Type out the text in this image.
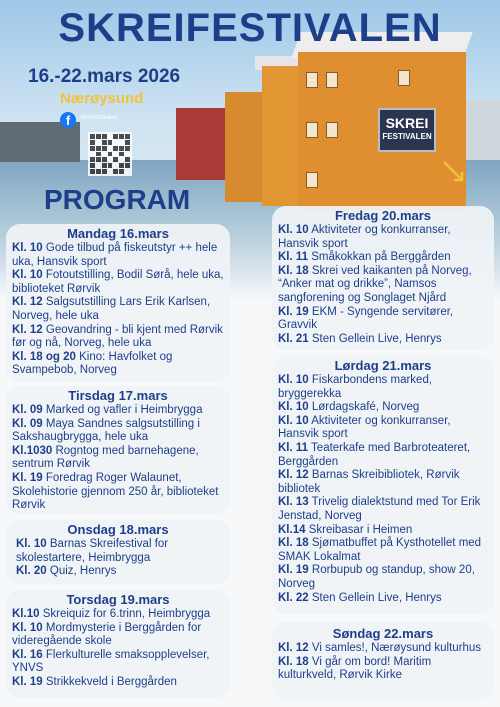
SKREI
FESTIVALEN
SKREIFESTIVALEN
16.-22.mars 2026
Nærøysund
f	skreifestivalen
PROGRAM
Mandag 16.mars

Kl. 10 Gode tilbud på fiskeutstyr ++ hele uka, Hansvik sport

Kl. 10 Fotoutstilling, Bodil Sørå, hele uka, biblioteket Rørvik

Kl. 12 Salgsutstilling Lars Erik Karlsen, Norveg, hele uka

Kl. 12 Geovandring - bli kjent med Rørvik før og nå, Norveg, hele uka

Kl. 18 og 20 Kino: Havfolket og Svampebob, Norveg

Tirsdag 17.mars

Kl. 09 Marked og vafler i Heimbrygga

Kl. 09 Maya Sandnes salgsutstilling i Sakshaugbrygga, hele uka

Kl.1030 Rogntog med barnehagene, sentrum Rørvik

Kl. 19 Foredrag Roger Walaunet, Skolehistorie gjennom 250 år, biblioteket Rørvik

Onsdag 18.mars

Kl. 10 Barnas Skreifestival for skolestartere, Heimbrygga

Kl. 20 Quiz, Henrys

Torsdag 19.mars

Kl.10 Skreiquiz for 6.trinn, Heimbrygga

Kl. 10 Mordmysterie i Berggården for videregående skole

Kl. 16 Flerkulturelle smaksopplevelser, YNVS

Kl. 19 Strikkekveld i Berggården

Fredag 20.mars

Kl. 10 Aktiviteter og konkurranser, Hansvik sport

Kl. 11 Småkokkan på Berggården

Kl. 18 Skrei ved kaikanten på Norveg, “Anker mat og drikke”, Namsos sangforening og Songlaget Njård

Kl. 19 EKM - Syngende servitører, Gravvik

Kl. 21 Sten Gellein Live, Henrys

Lørdag 21.mars

Kl. 10 Fiskarbondens marked, bryggerekka

Kl. 10 Lørdagskafé, Norveg

Kl. 10 Aktiviteter og konkurranser, Hansvik sport

Kl. 11 Teaterkafe med Barbroteateret, Berggården

Kl. 12 Barnas Skreibibliotek, Rørvik bibliotek

Kl. 13 Trivelig dialektstund med Tor Erik Jenstad, Norveg

Kl.14 Skreibasar i Heimen

Kl. 18 Sjømatbuffet på Kysthotellet med SMAK Lokalmat

Kl. 19 Rorbupub og standup, show 20, Norveg

Kl. 22 Sten Gellein Live, Henrys

Søndag 22.mars

Kl. 12 Vi samles!, Nærøysund kulturhus

Kl. 18 Vi går om bord! Maritim kulturkveld, Rørvik Kirke
